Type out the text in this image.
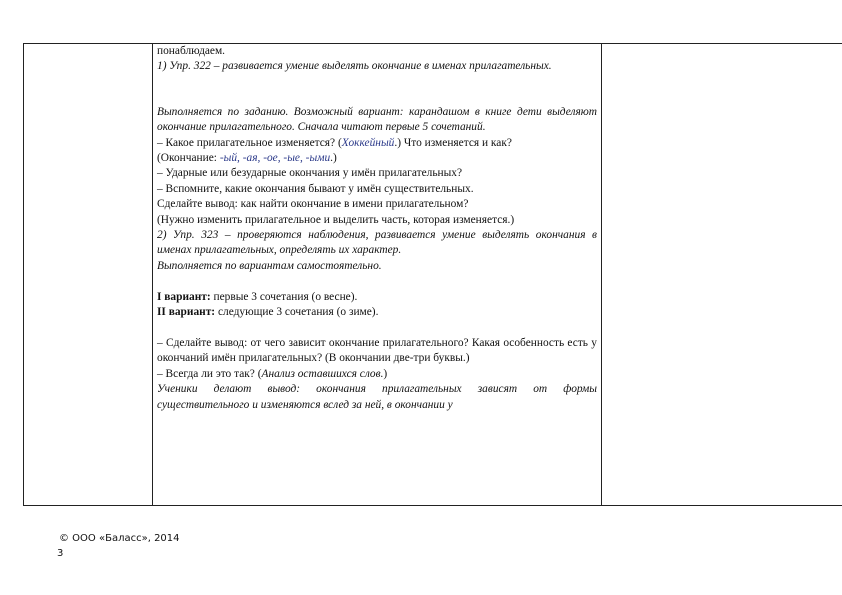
понаблюдаем.

1) Упр. 322 – развивается умение выделять окончание в именах прилагательных.

Выполняется по заданию. Возможный вариант: карандашом в книге дети выделяют окончание прилагательного. Сначала читают первые 5 сочетаний.

– Какое прилагательное изменяется? (Хоккейный.) Что изменяется и как?

(Окончание: -ый, -ая, -ое, -ые, -ыми.)

– Ударные или безударные окончания у имён прилагательных?

– Вспомните, какие окончания бывают у имён существительных.

Сделайте вывод: как найти окончание в имени прилагательном?

(Нужно изменить прилагательное и выделить часть, которая изменяется.)

2) Упр. 323 – проверяются наблюдения, развивается умение выделять окончания в именах прилагательных, определять их характер.

Выполняется по вариантам самостоятельно.

I вариант: первые 3 сочетания (о весне).

II вариант: следующие 3 сочетания (о зиме).

– Сделайте вывод: от чего зависит окончание прилагательного? Какая особенность есть у окончаний имён прилагательных? (В окончании две-три буквы.)

– Всегда ли это так? (Анализ оставшихся слов.)

Ученики делают вывод: окончания прилагательных зависят от формы существительного и изменяются вслед за ней, в окончании у

© ООО «Баласс», 2014
3
